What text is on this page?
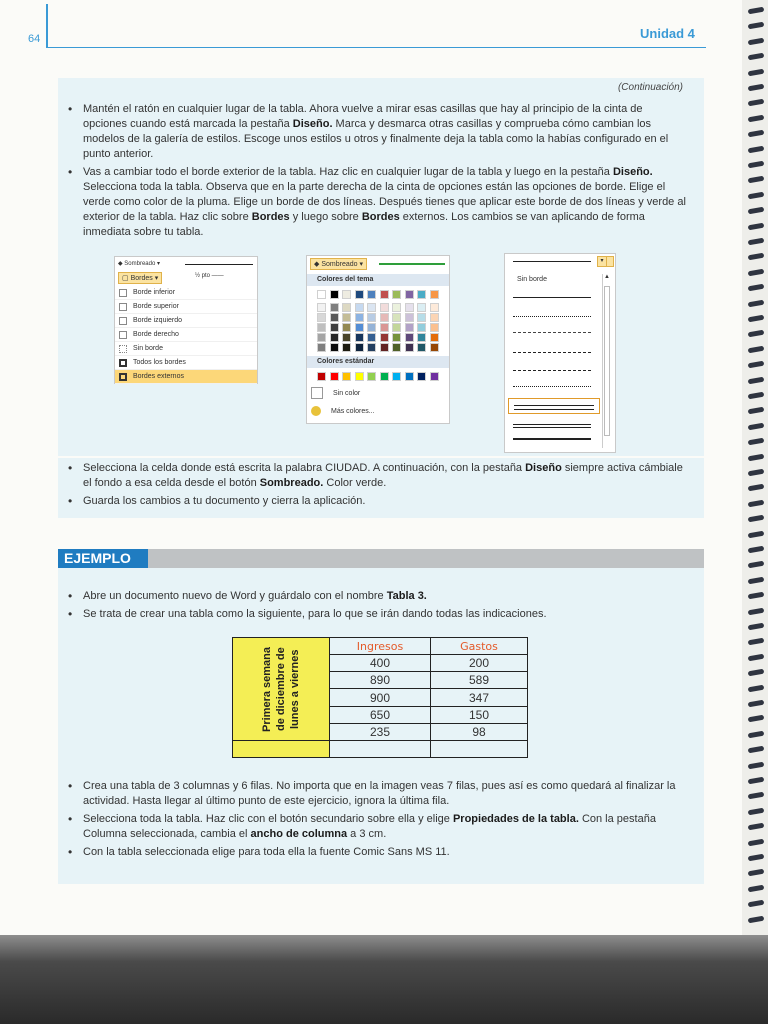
64	Unidad 4
(Continuación)
• Mantén el ratón en cualquier lugar de la tabla. Ahora vuelve a mirar esas casillas que hay al principio de la cinta de opciones cuando está marcada la pestaña Diseño. Marca y desmarca otras casillas y comprueba cómo cambian los modelos de la galería de estilos. Escoge unos estilos u otros y finalmente deja la tabla como la habías configurado en el punto anterior.
• Vas a cambiar todo el borde exterior de la tabla. Haz clic en cualquier lugar de la tabla y luego en la pestaña Diseño. Selecciona toda la tabla. Observa que en la parte derecha de la cinta de opciones están las opciones de borde. Elige el verde como color de la pluma. Elige un borde de dos líneas. Después tienes que aplicar este borde de dos líneas y verde al exterior de la tabla. Haz clic sobre Bordes y luego sobre Bordes externos. Los cambios se van aplicando de forma inmediata sobre tu tabla.
◆ Sombreado ▾
▢ Bordes ▾	½ pto ——
Borde inferior
Borde superior
Borde izquierdo
Borde derecho
Sin borde
Todos los bordes
Bordes externos
◆ Sombreado ▾
Colores del tema
Colores estándar
Sin color
Más colores...
▾
Sin borde	▲
• Selecciona la celda donde está escrita la palabra CIUDAD. A continuación, con la pestaña Diseño siempre activa cámbiale el fondo a esa celda desde el botón Sombreado. Color verde.
• Guarda los cambios a tu documento y cierra la aplicación.
EJEMPLO
• Abre un documento nuevo de Word y guárdalo con el nombre Tabla 3.
• Se trata de crear una tabla como la siguiente, para lo que se irán dando todas las indicaciones.
Primera semana de diciembre de lunes a viernes	Ingresos	Gastos
	400	200
	890	589
	900	347
	650	150
	235	98

• Crea una tabla de 3 columnas y 6 filas. No importa que en la imagen veas 7 filas, pues así es como quedará al finalizar la actividad. Hasta llegar al último punto de este ejercicio, ignora la última fila.
• Selecciona toda la tabla. Haz clic con el botón secundario sobre ella y elige Propiedades de la tabla. Con la pestaña Columna seleccionada, cambia el ancho de columna a 3 cm.
• Con la tabla seleccionada elige para toda ella la fuente Comic Sans MS 11.
